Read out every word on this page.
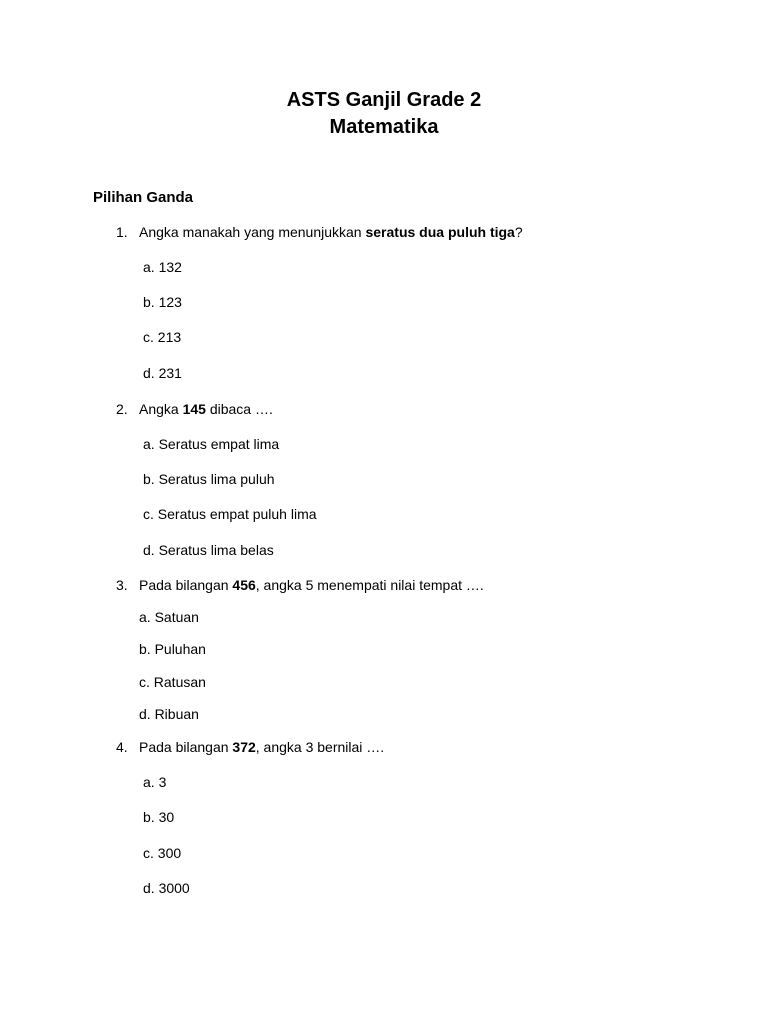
ASTS Ganjil Grade 2
Matematika
Pilihan Ganda
1. Angka manakah yang menunjukkan seratus dua puluh tiga?
a. 132
b. 123
c. 213
d. 231
2. Angka 145 dibaca ….
a. Seratus empat lima
b. Seratus lima puluh
c. Seratus empat puluh lima
d. Seratus lima belas
3. Pada bilangan 456, angka 5 menempati nilai tempat ….
a. Satuan
b. Puluhan
c. Ratusan
d. Ribuan
4. Pada bilangan 372, angka 3 bernilai ….
a. 3
b. 30
c. 300
d. 3000
